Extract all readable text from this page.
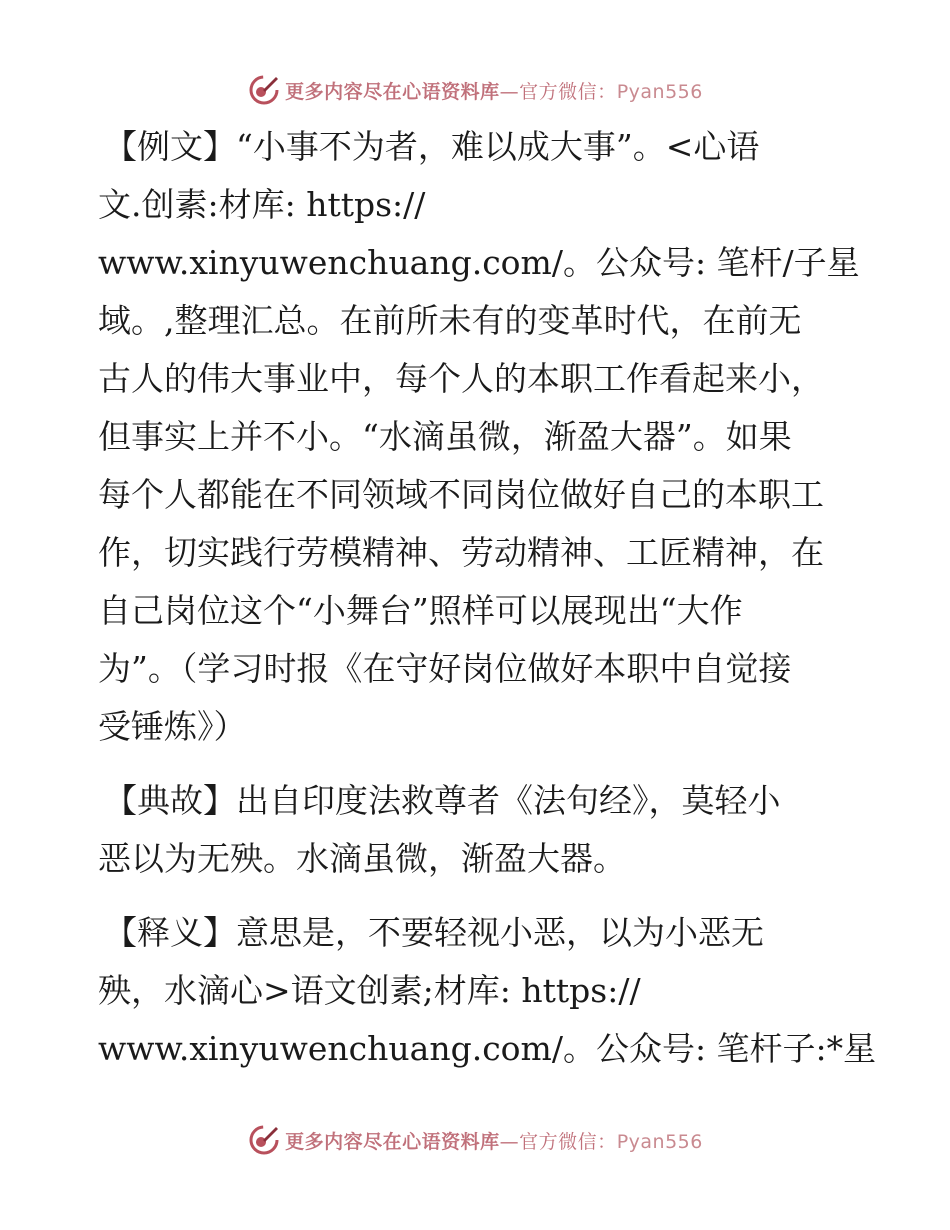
更多内容尽在心语资料库—官方微信：Pyan556
【例文】“小事不为者，难以成大事”。<心语
文.创素:材库: https://
www.xinyuwenchuang.com/。公众号: 笔杆/子星
域。,整理汇总。在前所未有的变革时代，在前无
古人的伟大事业中，每个人的本职工作看起来小，
但事实上并不小。“水滴虽微，渐盈大器”。如果
每个人都能在不同领域不同岗位做好自己的本职工
作，切实践行劳模精神、劳动精神、工匠精神，在
自己岗位这个“小舞台”照样可以展现出“大作
为”。（学习时报《在守好岗位做好本职中自觉接
受锤炼》）
【典故】出自印度法救尊者《法句经》，莫轻小
恶以为无殃。水滴虽微，渐盈大器。
【释义】意思是，不要轻视小恶，以为小恶无
殃，水滴心>语文创素;材库: https://
www.xinyuwenchuang.com/。公众号: 笔杆子:*星
更多内容尽在心语资料库—官方微信：Pyan556
